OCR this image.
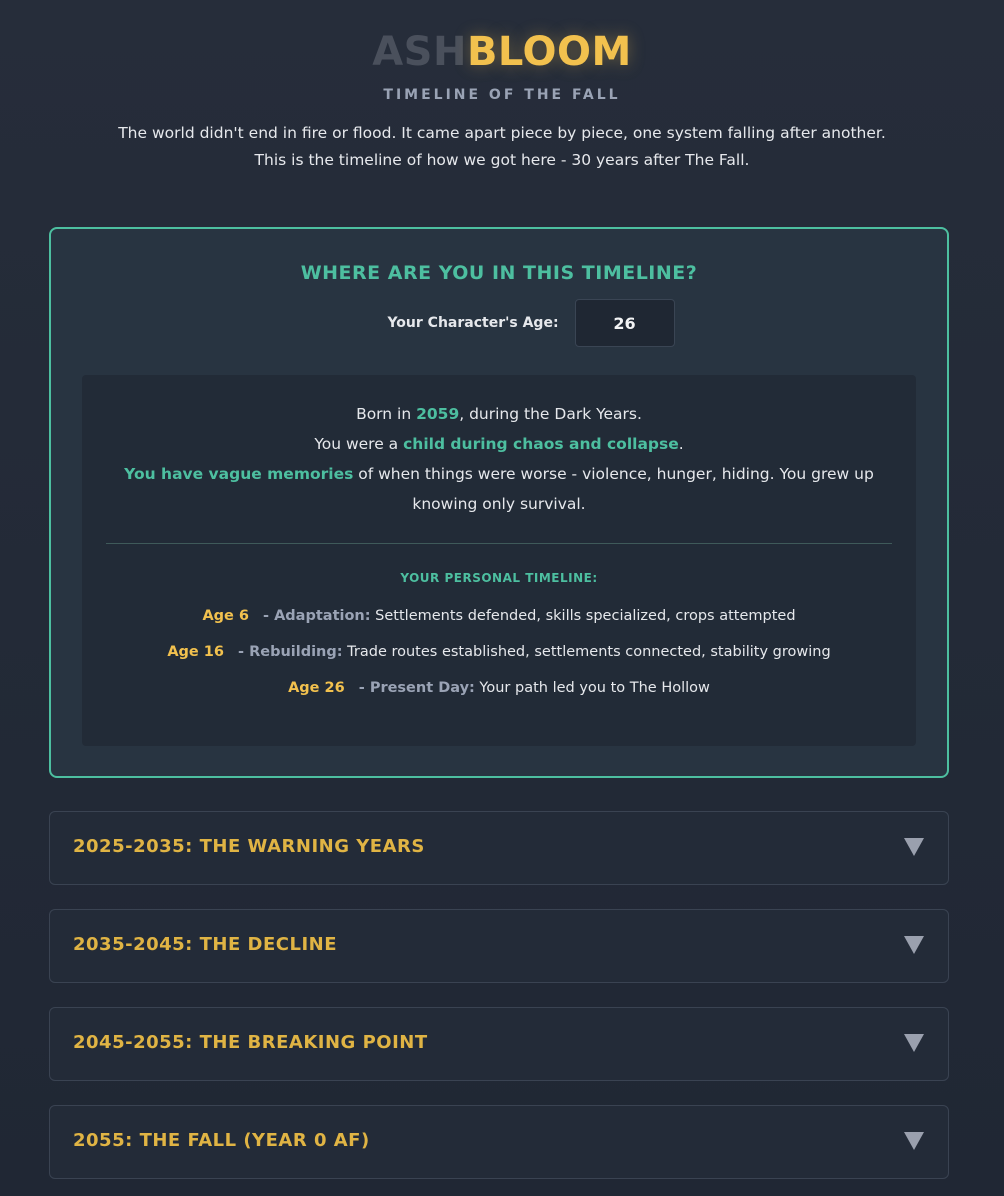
ASHBLOOM
TIMELINE OF THE FALL
The world didn't end in fire or flood. It came apart piece by piece, one system falling after another.
This is the timeline of how we got here - 30 years after The Fall.
WHERE ARE YOU IN THIS TIMELINE?
Your Character's Age:
26
Born in 2059, during the Dark Years.
You were a child during chaos and collapse.
You have vague memories of when things were worse - violence, hunger, hiding. You grew up knowing only survival.
YOUR PERSONAL TIMELINE:
Age 6 - Adaptation: Settlements defended, skills specialized, crops attempted
Age 16 - Rebuilding: Trade routes established, settlements connected, stability growing
Age 26 - Present Day: Your path led you to The Hollow
2025-2035: THE WARNING YEARS
2035-2045: THE DECLINE
2045-2055: THE BREAKING POINT
2055: THE FALL (YEAR 0 AF)
